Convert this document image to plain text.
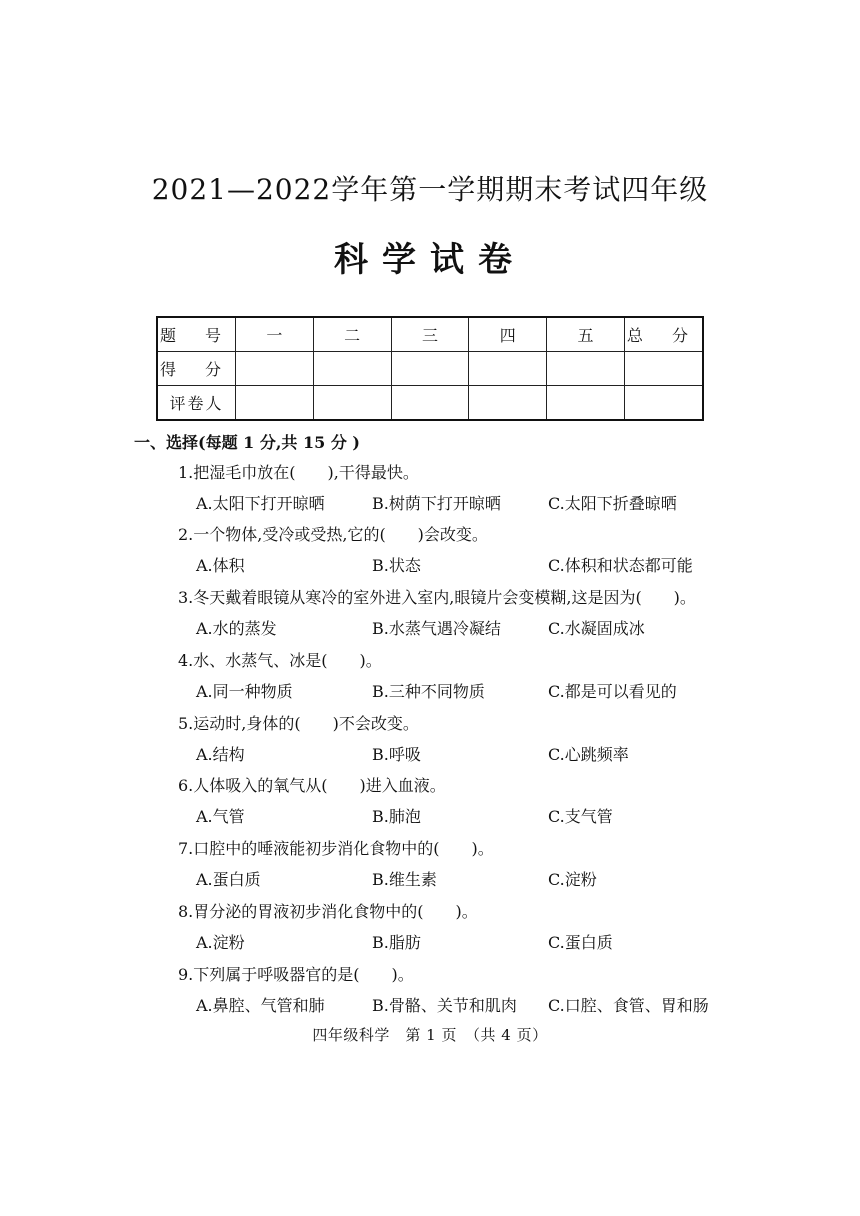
2021—2022学年第一学期期末考试四年级
科学试卷
题 号	一	二	三	四	五	总 分
得 分						
评卷人						
一、选择(每题 1 分,共 15 分 )
1.把湿毛巾放在(　　),干得最快。
A.太阳下打开晾晒	B.树荫下打开晾晒	C.太阳下折叠晾晒
2.一个物体,受冷或受热,它的(　　)会改变。
A.体积	B.状态	C.体积和状态都可能
3.冬天戴着眼镜从寒冷的室外进入室内,眼镜片会变模糊,这是因为(　　)。
A.水的蒸发	B.水蒸气遇冷凝结	C.水凝固成冰
4.水、水蒸气、冰是(　　)。
A.同一种物质	B.三种不同物质	C.都是可以看见的
5.运动时,身体的(　　)不会改变。
A.结构	B.呼吸	C.心跳频率
6.人体吸入的氧气从(　　)进入血液。
A.气管	B.肺泡	C.支气管
7.口腔中的唾液能初步消化食物中的(　　)。
A.蛋白质	B.维生素	C.淀粉
8.胃分泌的胃液初步消化食物中的(　　)。
A.淀粉	B.脂肪	C.蛋白质
9.下列属于呼吸器官的是(　　)。
A.鼻腔、气管和肺	B.骨骼、关节和肌肉 C.口腔、食管、胃和肠
四年级科学　第 1 页　（共 4 页）
